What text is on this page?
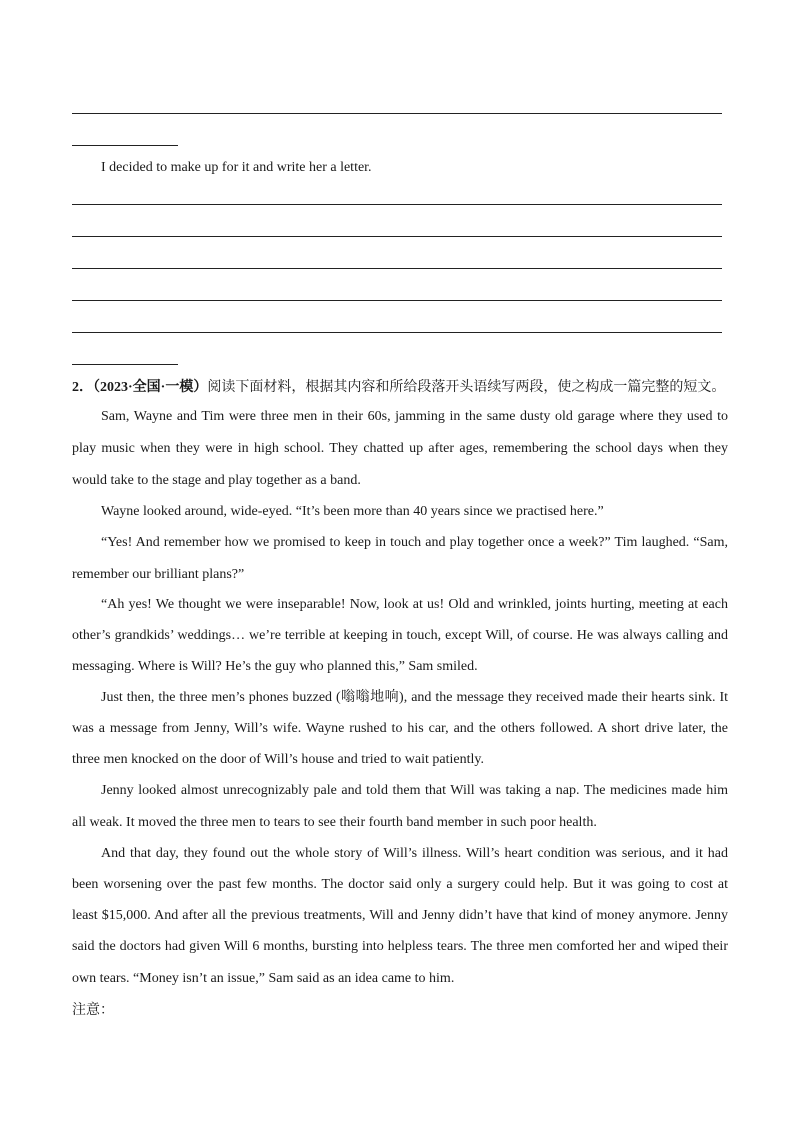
I decided to make up for it and write her a letter.
2．（2023·全国·一模）阅读下面材料，根据其内容和所给段落开头语续写两段，使之构成一篇完整的短文。
Sam, Wayne and Tim were three men in their 60s, jamming in the same dusty old garage where they used to
play music when they were in high school. They chatted up after ages, remembering the school days when they
would take to the stage and play together as a band.
Wayne looked around, wide-eyed. “It’s been more than 40 years since we practised here.”
“Yes! And remember how we promised to keep in touch and play together once a week?” Tim laughed. “Sam,
remember our brilliant plans?”
“Ah yes! We thought we were inseparable! Now, look at us! Old and wrinkled, joints hurting, meeting at each
other’s grandkids’ weddings… we’re terrible at keeping in touch, except Will, of course. He was always calling and
messaging. Where is Will? He’s the guy who planned this,” Sam smiled.
Just then, the three men’s phones buzzed (嗡嗡地响), and the message they received made their hearts sink. It
was a message from Jenny, Will’s wife. Wayne rushed to his car, and the others followed. A short drive later, the
three men knocked on the door of Will’s house and tried to wait patiently.
Jenny looked almost unrecognizably pale and told them that Will was taking a nap. The medicines made him
all weak. It moved the three men to tears to see their fourth band member in such poor health.
And that day, they found out the whole story of Will’s illness. Will’s heart condition was serious, and it had
been worsening over the past few months. The doctor said only a surgery could help. But it was going to cost at
least $15,000. And after all the previous treatments, Will and Jenny didn’t have that kind of money anymore. Jenny
said the doctors had given Will 6 months, bursting into helpless tears. The three men comforted her and wiped their
own tears. “Money isn’t an issue,” Sam said as an idea came to him.
注意：
